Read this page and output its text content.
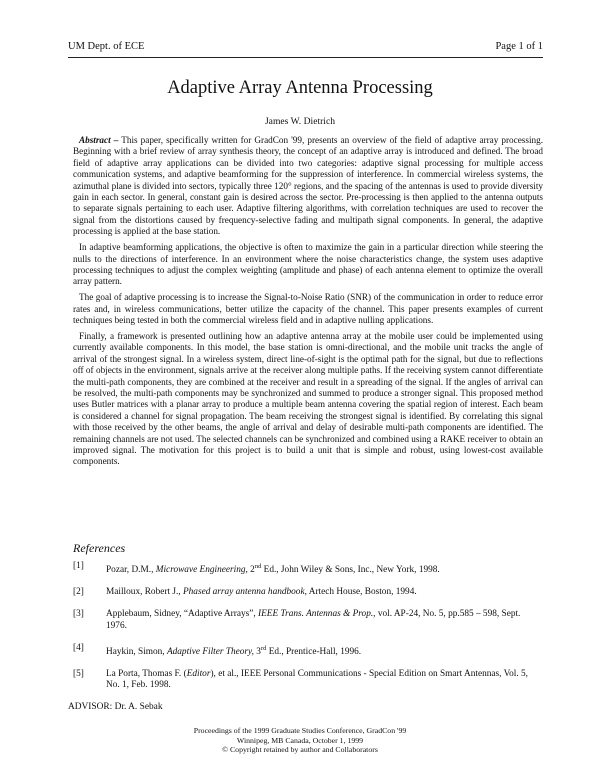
UM Dept. of ECE	Page 1 of 1
Adaptive Array Antenna Processing
James W. Dietrich

Abstract – This paper, specifically written for GradCon '99, presents an overview of the field of adaptive array processing. Beginning with a brief review of array synthesis theory, the concept of an adaptive array is introduced and defined. The broad field of adaptive array applications can be divided into two categories: adaptive signal processing for multiple access communication systems, and adaptive beamforming for the suppression of interference. In commercial wireless systems, the azimuthal plane is divided into sectors, typically three 120° regions, and the spacing of the antennas is used to provide diversity gain in each sector. In general, constant gain is desired across the sector. Pre-processing is then applied to the antenna outputs to separate signals pertaining to each user. Adaptive filtering algorithms, with correlation techniques are used to recover the signal from the distortions caused by frequency-selective fading and multipath signal components. In general, the adaptive processing is applied at the base station.

In adaptive beamforming applications, the objective is often to maximize the gain in a particular direction while steering the nulls to the directions of interference. In an environment where the noise characteristics change, the system uses adaptive processing techniques to adjust the complex weighting (amplitude and phase) of each antenna element to optimize the overall array pattern.

The goal of adaptive processing is to increase the Signal-to-Noise Ratio (SNR) of the communication in order to reduce error rates and, in wireless communications, better utilize the capacity of the channel. This paper presents examples of current techniques being tested in both the commercial wireless field and in adaptive nulling applications.

Finally, a framework is presented outlining how an adaptive antenna array at the mobile user could be implemented using currently available components. In this model, the base station is omni-directional, and the mobile unit tracks the angle of arrival of the strongest signal. In a wireless system, direct line-of-sight is the optimal path for the signal, but due to reflections off of objects in the environment, signals arrive at the receiver along multiple paths. If the receiving system cannot differentiate the multi-path components, they are combined at the receiver and result in a spreading of the signal. If the angles of arrival can be resolved, the multi-path components may be synchronized and summed to produce a stronger signal. This proposed method uses Butler matrices with a planar array to produce a multiple beam antenna covering the spatial region of interest. Each beam is considered a channel for signal propagation. The beam receiving the strongest signal is identified. By correlating this signal with those received by the other beams, the angle of arrival and delay of desirable multi-path components are identified. The remaining channels are not used. The selected channels can be synchronized and combined using a RAKE receiver to obtain an improved signal. The motivation for this project is to build a unit that is simple and robust, using lowest-cost available components.

References
[1] Pozar, D.M., Microwave Engineering, 2nd Ed., John Wiley & Sons, Inc., New York, 1998.
[2] Mailloux, Robert J., Phased array antenna handbook, Artech House, Boston, 1994.
[3] Applebaum, Sidney, “Adaptive Arrays”, IEEE Trans. Antennas & Prop., vol. AP-24, No. 5, pp.585 – 598, Sept. 1976.
[4] Haykin, Simon, Adaptive Filter Theory, 3rd Ed., Prentice-Hall, 1996.
[5] La Porta, Thomas F. (Editor), et al., IEEE Personal Communications - Special Edition on Smart Antennas, Vol. 5, No. 1, Feb. 1998.
ADVISOR: Dr. A. Sebak
Proceedings of the 1999 Graduate Studies Conference, GradCon '99
Winnipeg, MB Canada, October 1, 1999
© Copyright retained by author and Collaborators
